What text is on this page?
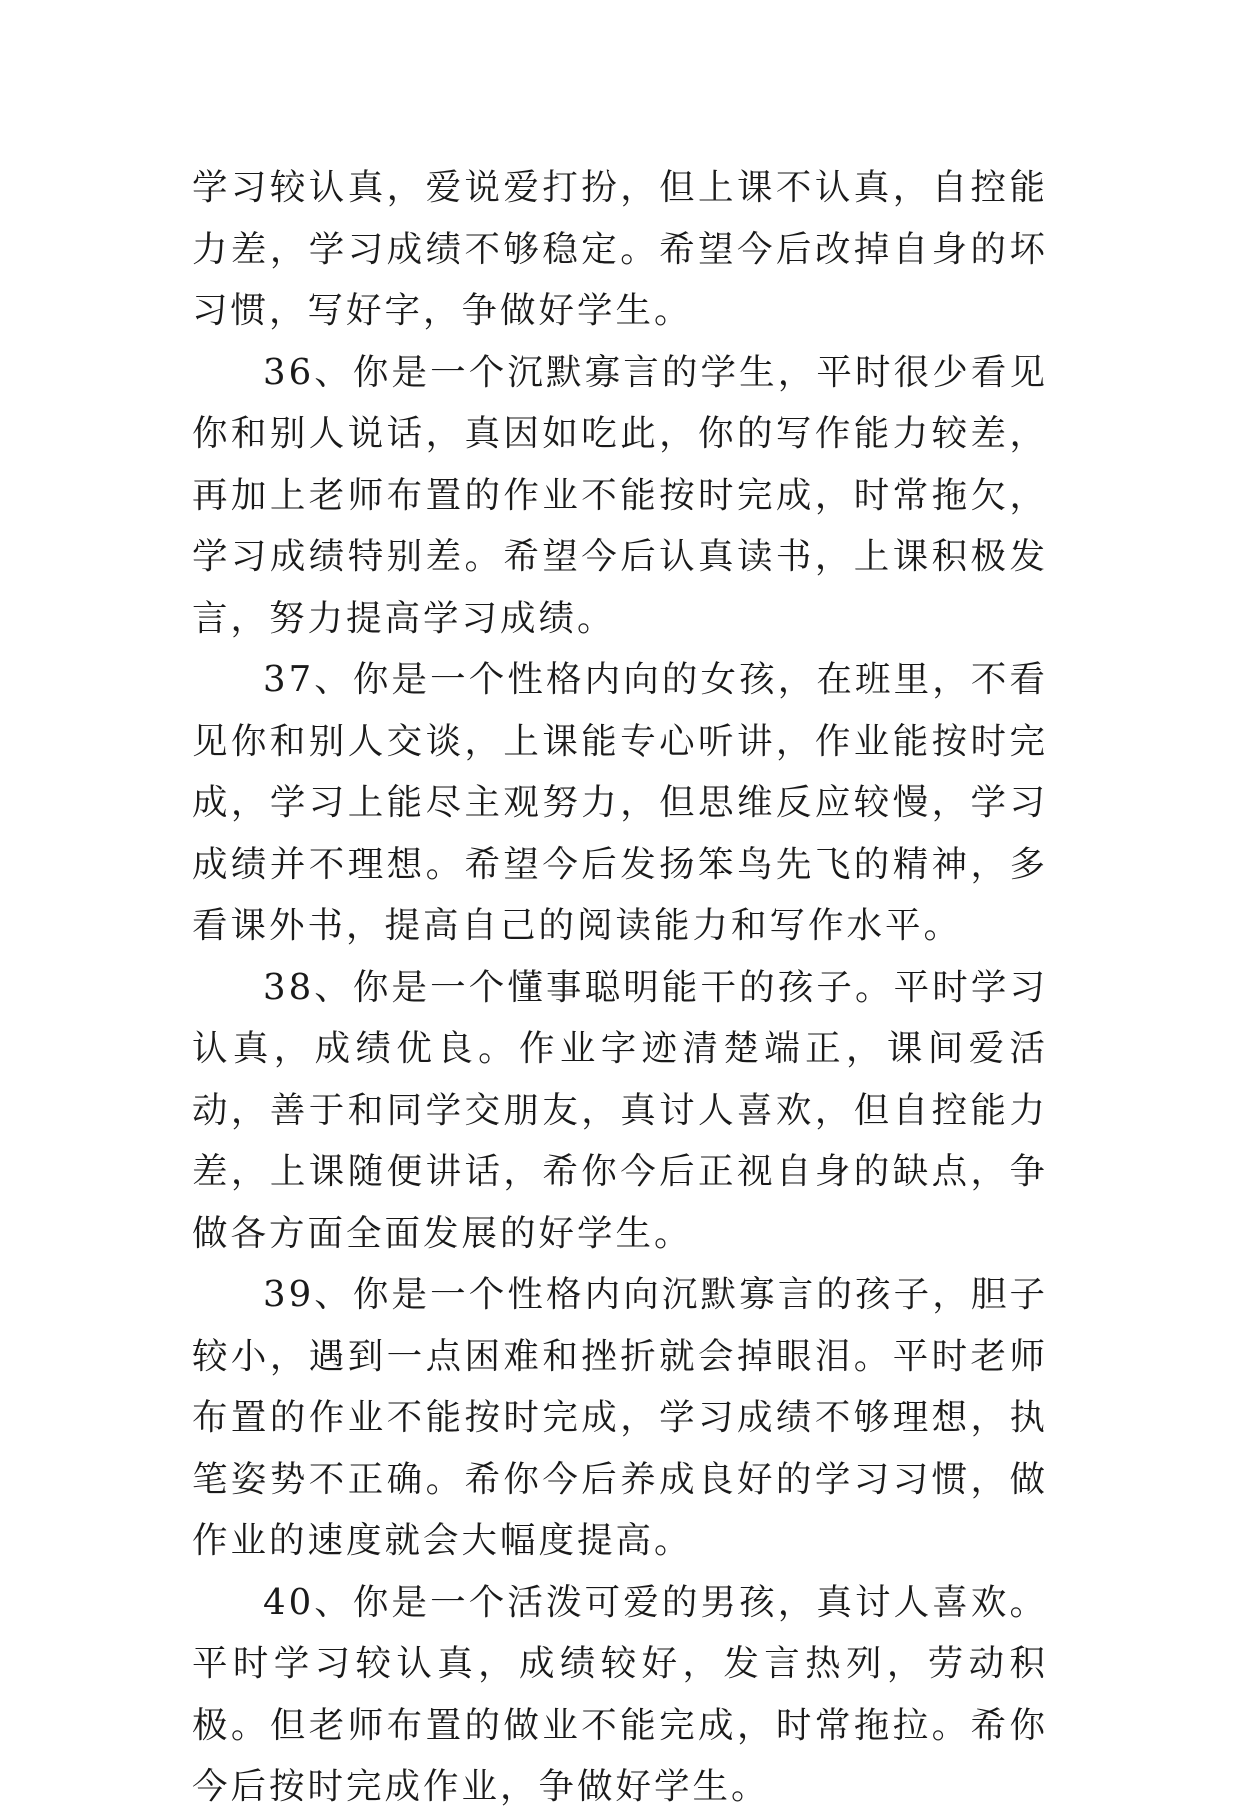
学习较认真，爱说爱打扮，但上课不认真，自控能力差，学习成绩不够稳定。希望今后改掉自身的坏习惯，写好字，争做好学生。

36、你是一个沉默寡言的学生，平时很少看见你和别人说话，真因如吃此，你的写作能力较差，再加上老师布置的作业不能按时完成，时常拖欠，学习成绩特别差。希望今后认真读书，上课积极发言，努力提高学习成绩。

37、你是一个性格内向的女孩，在班里，不看见你和别人交谈，上课能专心听讲，作业能按时完成，学习上能尽主观努力，但思维反应较慢，学习成绩并不理想。希望今后发扬笨鸟先飞的精神，多看课外书，提高自己的阅读能力和写作水平。

38、你是一个懂事聪明能干的孩子。平时学习认真，成绩优良。作业字迹清楚端正，课间爱活动，善于和同学交朋友，真讨人喜欢，但自控能力差，上课随便讲话，希你今后正视自身的缺点，争做各方面全面发展的好学生。

39、你是一个性格内向沉默寡言的孩子，胆子较小，遇到一点困难和挫折就会掉眼泪。平时老师布置的作业不能按时完成，学习成绩不够理想，执笔姿势不正确。希你今后养成良好的学习习惯，做作业的速度就会大幅度提高。

40、你是一个活泼可爱的男孩，真讨人喜欢。平时学习较认真，成绩较好，发言热列，劳动积极。但老师布置的做业不能完成，时常拖拉。希你今后按时完成作业，争做好学生。
